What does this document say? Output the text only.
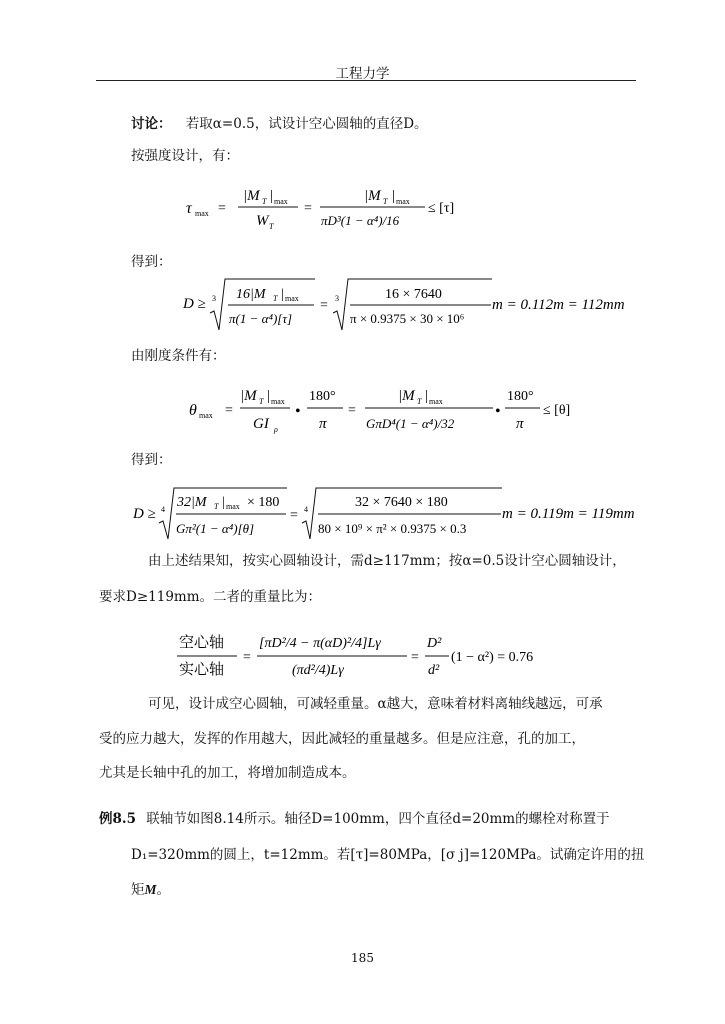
工程力学
讨论： 若取α=0.5，试设计空心圆轴的直径D。
按强度设计，有：
τ max =
|M T | max
W T
=
|M T | max
πD³(1 − α⁴)/16
≤ [τ]
得到：
D ≥ 3 16|M T | max
π(1 − α⁴)[τ]
= 3	16 × 7640
π × 0.9375 × 30 × 10⁶
m = 0.112m = 112mm
由刚度条件有：
θ max =
|M T | max
GI ρ
•
180°
π
=
|M T | max
GπD⁴(1 − α⁴)/32
•
180°
π
≤ [θ]
得到：
D ≥ 4 32|M T | max × 180
Gπ²(1 − α⁴)[θ]
= 4	32 × 7640 × 180
80 × 10⁹ × π² × 0.9375 × 0.3
m = 0.119m = 119mm
由上述结果知，按实心圆轴设计，需d≥117mm；按α=0.5设计空心圆轴设计，
要求D≥119mm。二者的重量比为：
空心轴
实心轴
=
[πD²/4 − π(αD)²/4]Lγ
(πd²/4)Lγ
=
D²
d²
(1 − α²) = 0.76
可见，设计成空心圆轴，可减轻重量。α越大，意味着材料离轴线越远，可承
受的应力越大，发挥的作用越大，因此减轻的重量越多。但是应注意，孔的加工，
尤其是长轴中孔的加工，将增加制造成本。
例8.5 联轴节如图8.14所示。轴径D=100mm，四个直径d=20mm的螺栓对称置于
D₁=320mm的圆上，t=12mm。若[τ]=80MPa，[σ j]=120MPa。试确定许用的扭
矩M。
185
